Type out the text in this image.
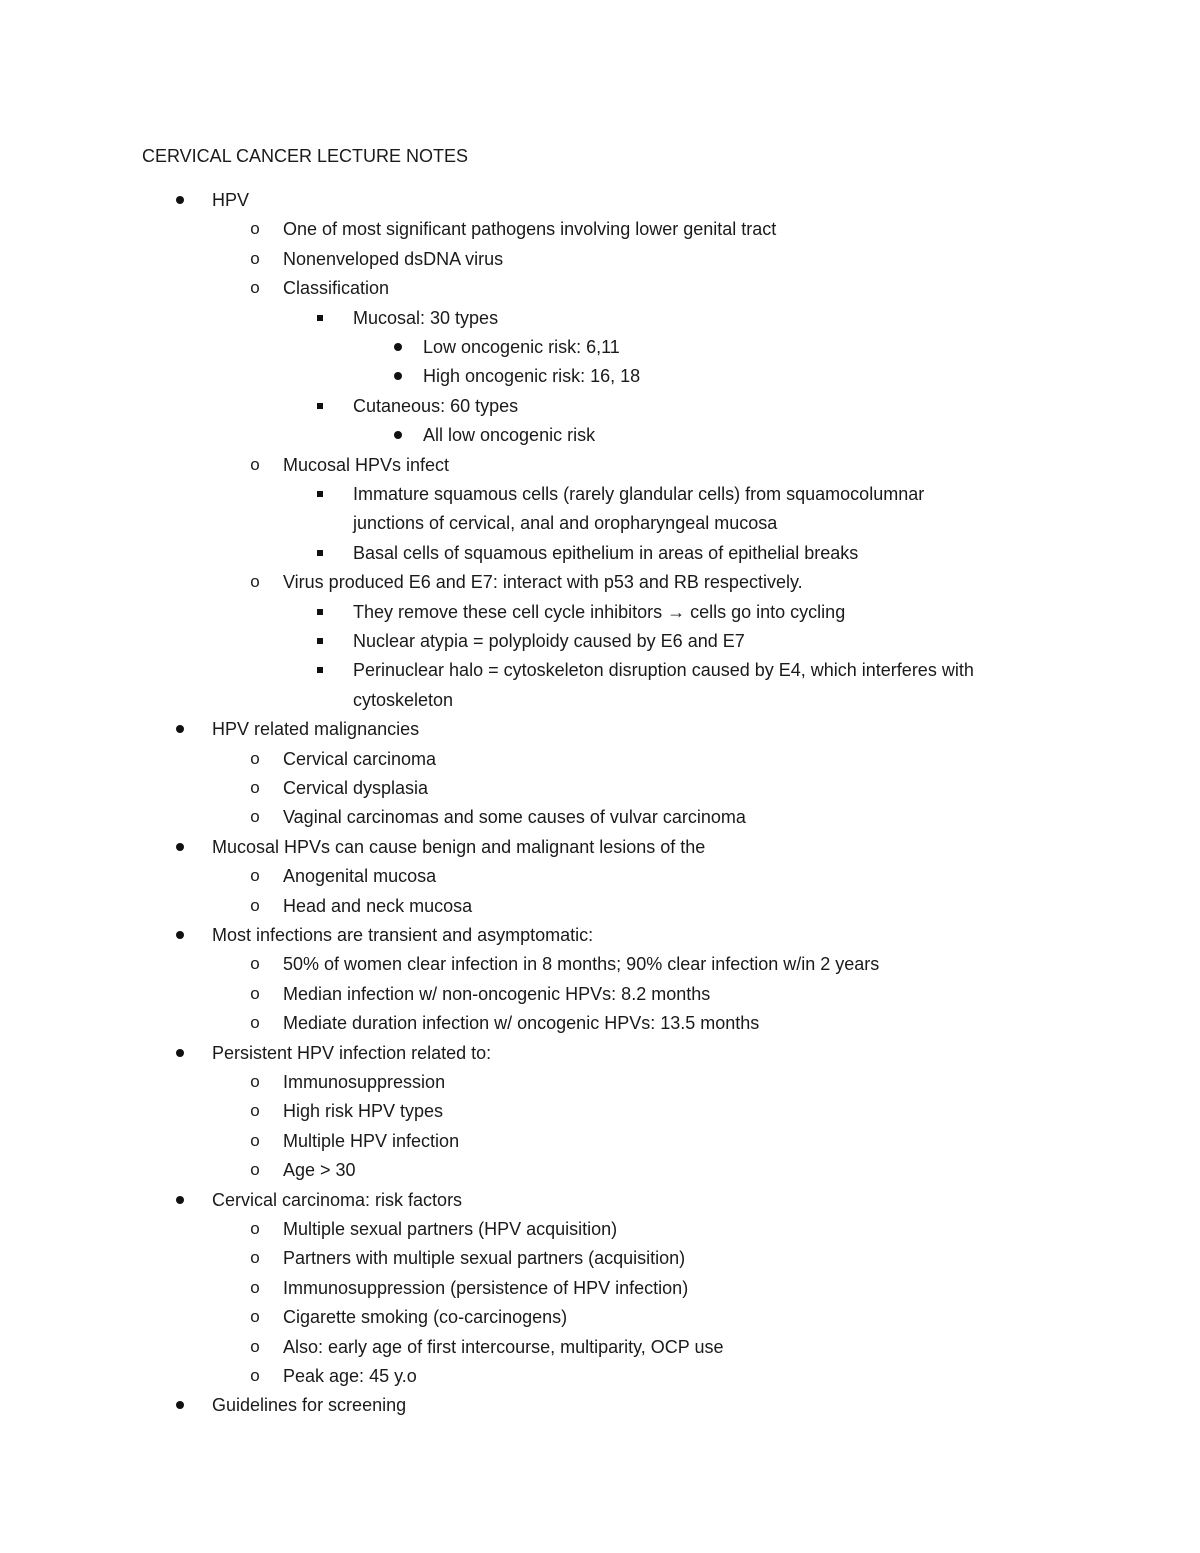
CERVICAL CANCER LECTURE NOTES
HPV
o One of most significant pathogens involving lower genital tract
o Nonenveloped dsDNA virus
o Classification
Mucosal: 30 types
Low oncogenic risk: 6,11
High oncogenic risk: 16, 18
Cutaneous: 60 types
All low oncogenic risk
o Mucosal HPVs infect
Immature squamous cells (rarely glandular cells) from squamocolumnar
junctions of cervical, anal and oropharyngeal mucosa
Basal cells of squamous epithelium in areas of epithelial breaks
o Virus produced E6 and E7: interact with p53 and RB respectively.
They remove these cell cycle inhibitors → cells go into cycling
Nuclear atypia = polyploidy caused by E6 and E7
Perinuclear halo = cytoskeleton disruption caused by E4, which interferes with
cytoskeleton
HPV related malignancies
o Cervical carcinoma
o Cervical dysplasia
o Vaginal carcinomas and some causes of vulvar carcinoma
Mucosal HPVs can cause benign and malignant lesions of the
o Anogenital mucosa
o Head and neck mucosa
Most infections are transient and asymptomatic:
o 50% of women clear infection in 8 months; 90% clear infection w/in 2 years
o Median infection w/ non-oncogenic HPVs: 8.2 months
o Mediate duration infection w/ oncogenic HPVs: 13.5 months
Persistent HPV infection related to:
o Immunosuppression
o High risk HPV types
o Multiple HPV infection
o Age > 30
Cervical carcinoma: risk factors
o Multiple sexual partners (HPV acquisition)
o Partners with multiple sexual partners (acquisition)
o Immunosuppression (persistence of HPV infection)
o Cigarette smoking (co-carcinogens)
o Also: early age of first intercourse, multiparity, OCP use
o Peak age: 45 y.o
Guidelines for screening
